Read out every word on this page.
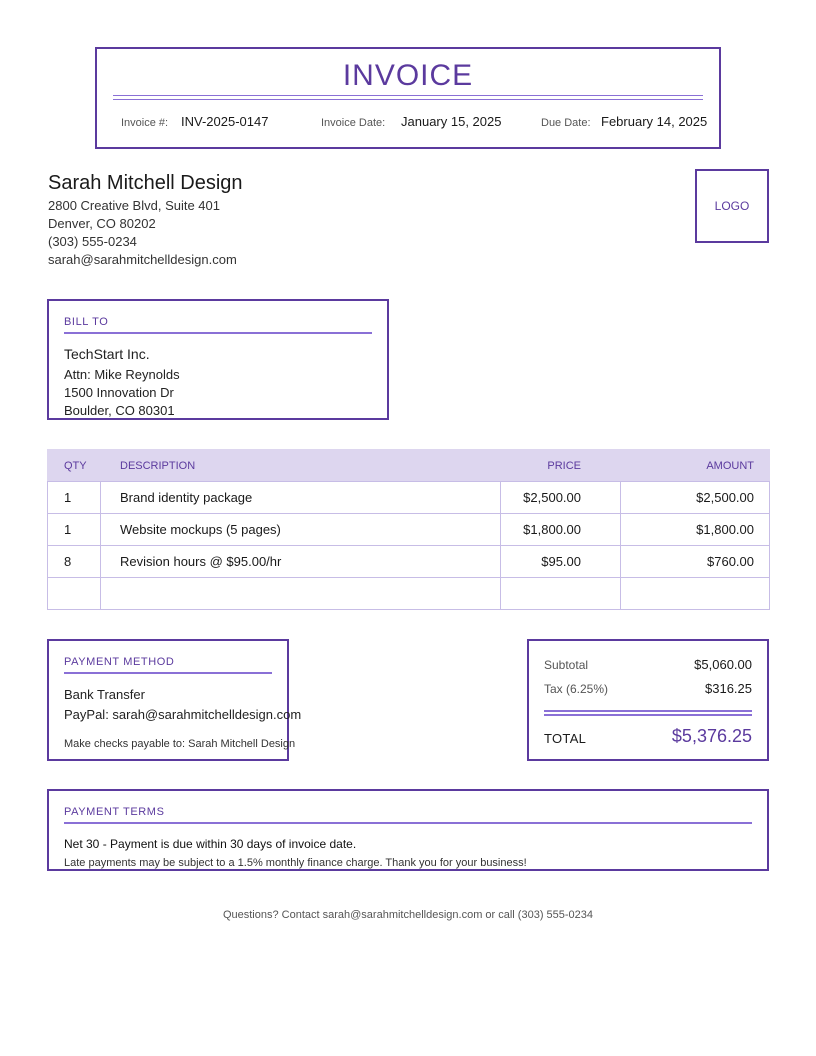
INVOICE
Invoice #: INV-2025-0147	Invoice Date: January 15, 2025	Due Date: February 14, 2025
Sarah Mitchell Design
2800 Creative Blvd, Suite 401
Denver, CO 80202
(303) 555-0234
sarah@sarahmitchelldesign.com
LOGO
BILL TO
TechStart Inc.
Attn: Mike Reynolds
1500 Innovation Dr
Boulder, CO 80301
QTY	DESCRIPTION	PRICE	AMOUNT
1	Brand identity package	$2,500.00	$2,500.00
1	Website mockups (5 pages)	$1,800.00	$1,800.00
8	Revision hours @ $95.00/hr	$95.00	$760.00

PAYMENT METHOD
Bank Transfer
PayPal: sarah@sarahmitchelldesign.com
Make checks payable to: Sarah Mitchell Design
Subtotal	$5,060.00
Tax (6.25%)	$316.25
TOTAL	$5,376.25
PAYMENT TERMS
Net 30 - Payment is due within 30 days of invoice date.
Late payments may be subject to a 1.5% monthly finance charge. Thank you for your business!
Questions? Contact sarah@sarahmitchelldesign.com or call (303) 555-0234
